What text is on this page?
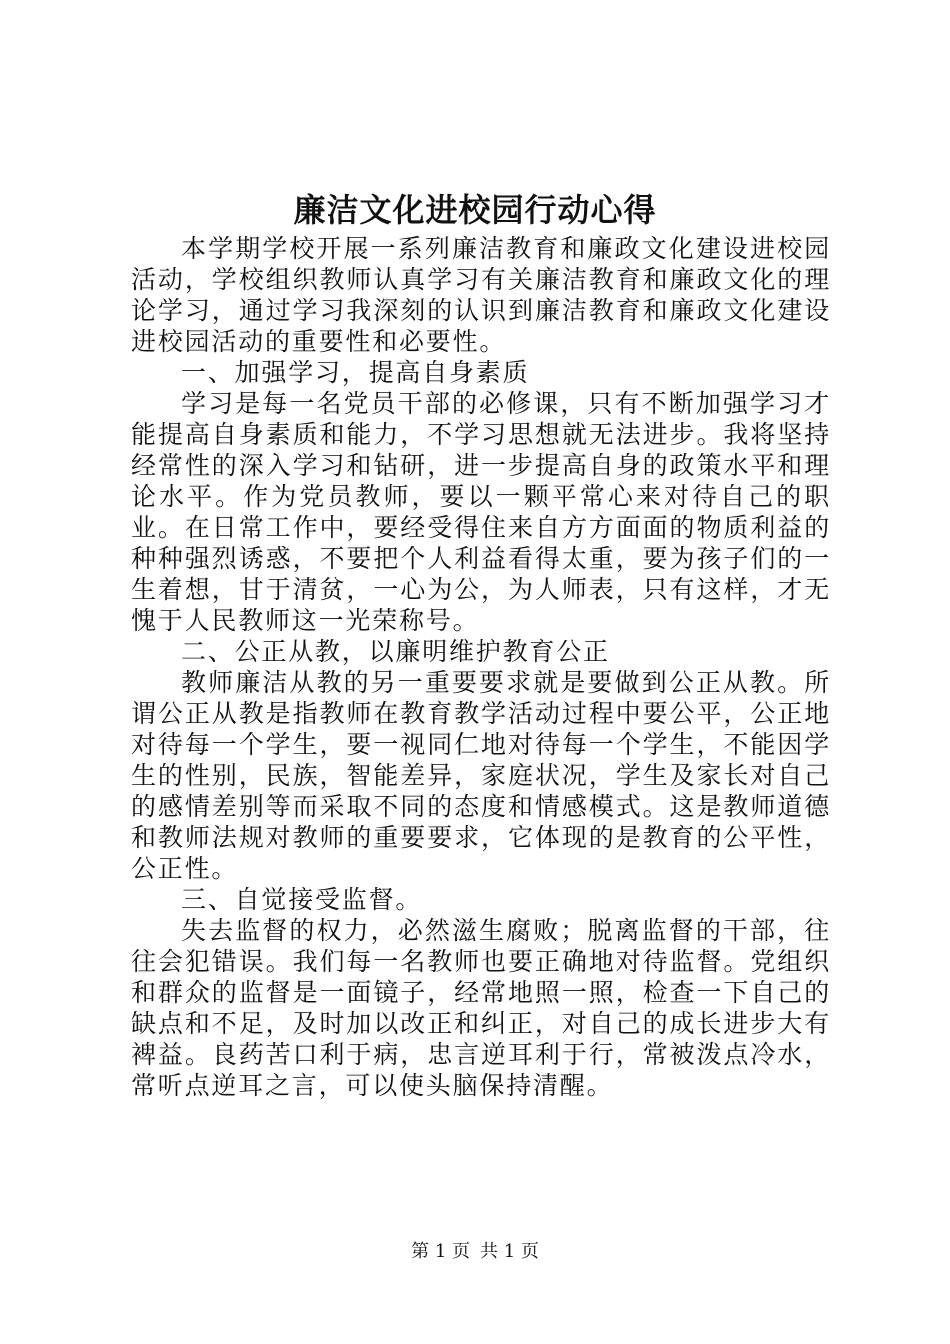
廉洁文化进校园行动心得

本学期学校开展一系列廉洁教育和廉政文化建设进校园活动，学校组织教师认真学习有关廉洁教育和廉政文化的理论学习，通过学习我深刻的认识到廉洁教育和廉政文化建设进校园活动的重要性和必要性。

一、加强学习，提高自身素质

学习是每一名党员干部的必修课，只有不断加强学习才能提高自身素质和能力，不学习思想就无法进步。我将坚持经常性的深入学习和钻研，进一步提高自身的政策水平和理论水平。作为党员教师，要以一颗平常心来对待自己的职业。在日常工作中，要经受得住来自方方面面的物质利益的种种强烈诱惑，不要把个人利益看得太重，要为孩子们的一生着想，甘于清贫，一心为公，为人师表，只有这样，才无愧于人民教师这一光荣称号。

二、公正从教，以廉明维护教育公正

教师廉洁从教的另一重要要求就是要做到公正从教。所谓公正从教是指教师在教育教学活动过程中要公平，公正地对待每一个学生，要一视同仁地对待每一个学生，不能因学生的性别，民族，智能差异，家庭状况，学生及家长对自己的感情差别等而采取不同的态度和情感模式。这是教师道德和教师法规对教师的重要要求，它体现的是教育的公平性，公正性。

三、自觉接受监督。

失去监督的权力，必然滋生腐败；脱离监督的干部，往往会犯错误。我们每一名教师也要正确地对待监督。党组织和群众的监督是一面镜子，经常地照一照，检查一下自己的缺点和不足，及时加以改正和纠正，对自己的成长进步大有裨益。良药苦口利于病，忠言逆耳利于行，常被泼点冷水，常听点逆耳之言，可以使头脑保持清醒。

第 1 页 共 1 页
